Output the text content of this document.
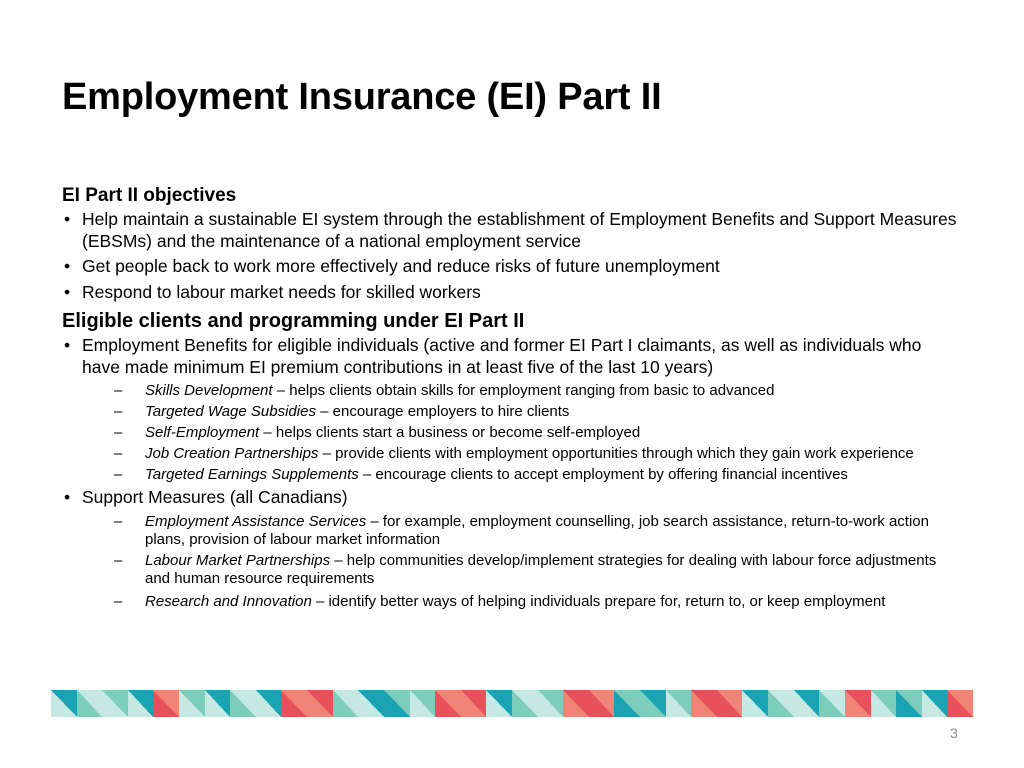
Employment Insurance (EI) Part II
EI Part II objectives
• Help maintain a sustainable EI system through the establishment of Employment Benefits and Support Measures (EBSMs) and the maintenance of a national employment service
• Get people back to work more effectively and reduce risks of future unemployment
• Respond to labour market needs for skilled workers
Eligible clients and programming under EI Part II
• Employment Benefits for eligible individuals (active and former EI Part I claimants, as well as individuals who have made minimum EI premium contributions in at least five of the last 10 years)
– Skills Development – helps clients obtain skills for employment ranging from basic to advanced
– Targeted Wage Subsidies – encourage employers to hire clients
– Self-Employment – helps clients start a business or become self-employed
– Job Creation Partnerships – provide clients with employment opportunities through which they gain work experience
– Targeted Earnings Supplements – encourage clients to accept employment by offering financial incentives
• Support Measures (all Canadians)
– Employment Assistance Services – for example, employment counselling, job search assistance, return-to-work action plans, provision of labour market information
– Labour Market Partnerships – help communities develop/implement strategies for dealing with labour force adjustments and human resource requirements
– Research and Innovation – identify better ways of helping individuals prepare for, return to, or keep employment
3
